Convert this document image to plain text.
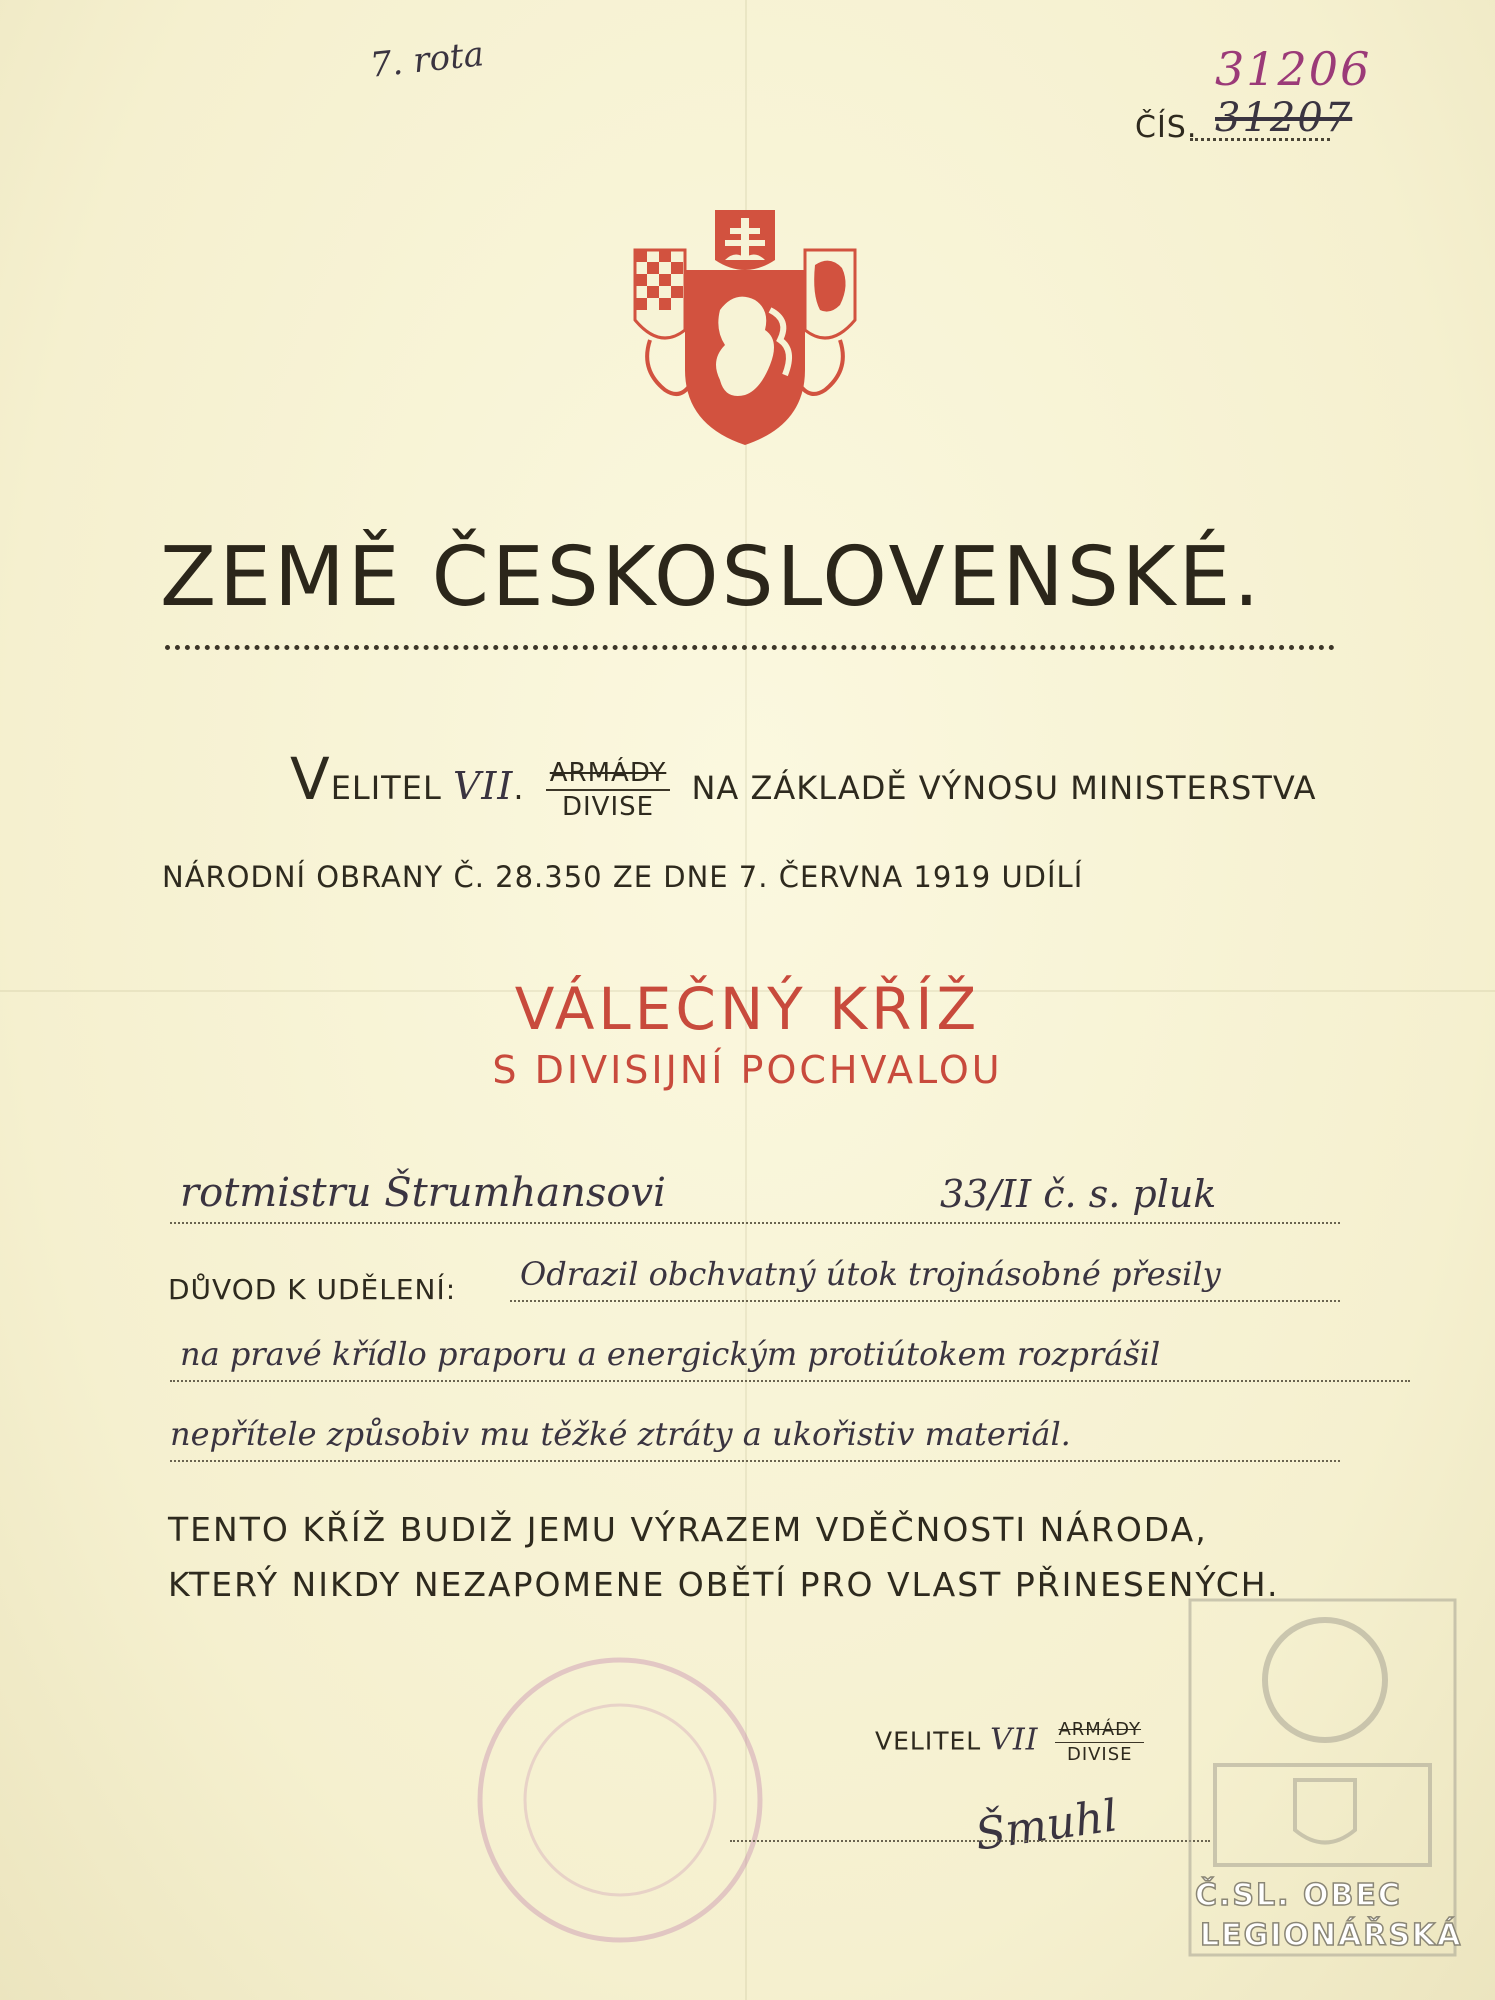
7. rota	31206
ČÍS. 31207
ZEMĚ ČESKOSLOVENSKÉ.
VELITEL VII. ARMÁDY
DIVISE NA ZÁKLADĚ VÝNOSU MINISTERSTVA
NÁRODNÍ OBRANY Č. 28.350 ZE DNE 7. ČERVNA 1919 UDÍLÍ
VÁLEČNÝ KŘÍŽ
S DIVISIJNÍ POCHVALOU
rotmistru Štrumhansovi	33/II č. s. pluk
DŮVOD K UDĚLENÍ: Odrazil obchvatný útok trojnásobné přesily
na pravé křídlo praporu a energickým protiútokem rozprášil
nepřítele způsobiv mu těžké ztráty a ukořistiv materiál.
TENTO KŘÍŽ BUDIŽ JEMU VÝRAZEM VDĚČNOSTI NÁRODA,
KTERÝ NIKDY NEZAPOMENE OBĚTÍ PRO VLAST PŘINESENÝCH.
VELITEL VII ARMÁDY
DIVISE
Šmuhl
Č.SL. OBEC
LEGIONÁŘSKÁ
